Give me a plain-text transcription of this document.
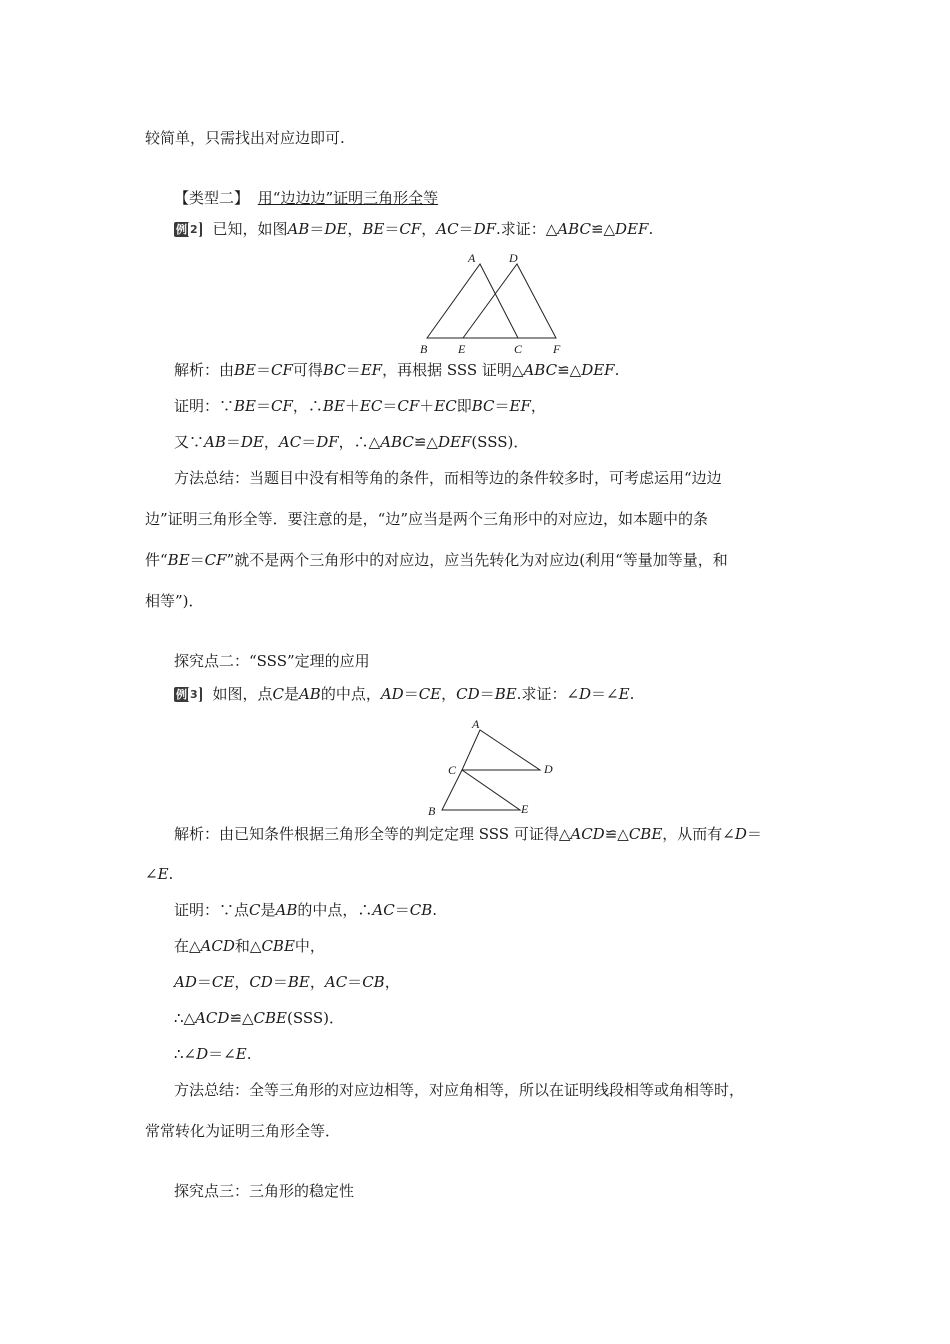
较简单，只需找出对应边即可.
【类型二】 用“边边边”证明三角形全等
例 2 已知，如图AB＝DE，BE＝CF，AC＝DF.求证：△ABC≌△DEF.
A	D
B	E	C	F
解析：由BE＝CF可得BC＝EF，再根据 SSS 证明△ABC≌△DEF.
证明：∵BE＝CF，∴BE＋EC＝CF＋EC即BC＝EF，
又∵AB＝DE，AC＝DF，∴△ABC≌△DEF(SSS)．
方法总结：当题目中没有相等角的条件，而相等边的条件较多时，可考虑运用“边边
边”证明三角形全等．要注意的是，“边”应当是两个三角形中的对应边，如本题中的条
件“BE＝CF”就不是两个三角形中的对应边，应当先转化为对应边(利用“等量加等量，和
相等”)．
探究点二：“SSS”定理的应用
例 3 如图，点C是AB的中点，AD＝CE，CD＝BE.求证：∠D＝∠E.
A
C	D
B	E
解析：由已知条件根据三角形全等的判定定理 SSS 可证得△ACD≌△CBE，从而有∠D＝
∠E.
证明：∵点C是AB的中点，∴AC＝CB.
在△ACD和△CBE中，
AD＝CE，CD＝BE，AC＝CB，
∴△ACD≌△CBE(SSS)．
∴∠D＝∠E.
方法总结：全等三角形的对应边相等，对应角相等，所以在证明线段相等或角相等时，
常常转化为证明三角形全等．
探究点三：三角形的稳定性
